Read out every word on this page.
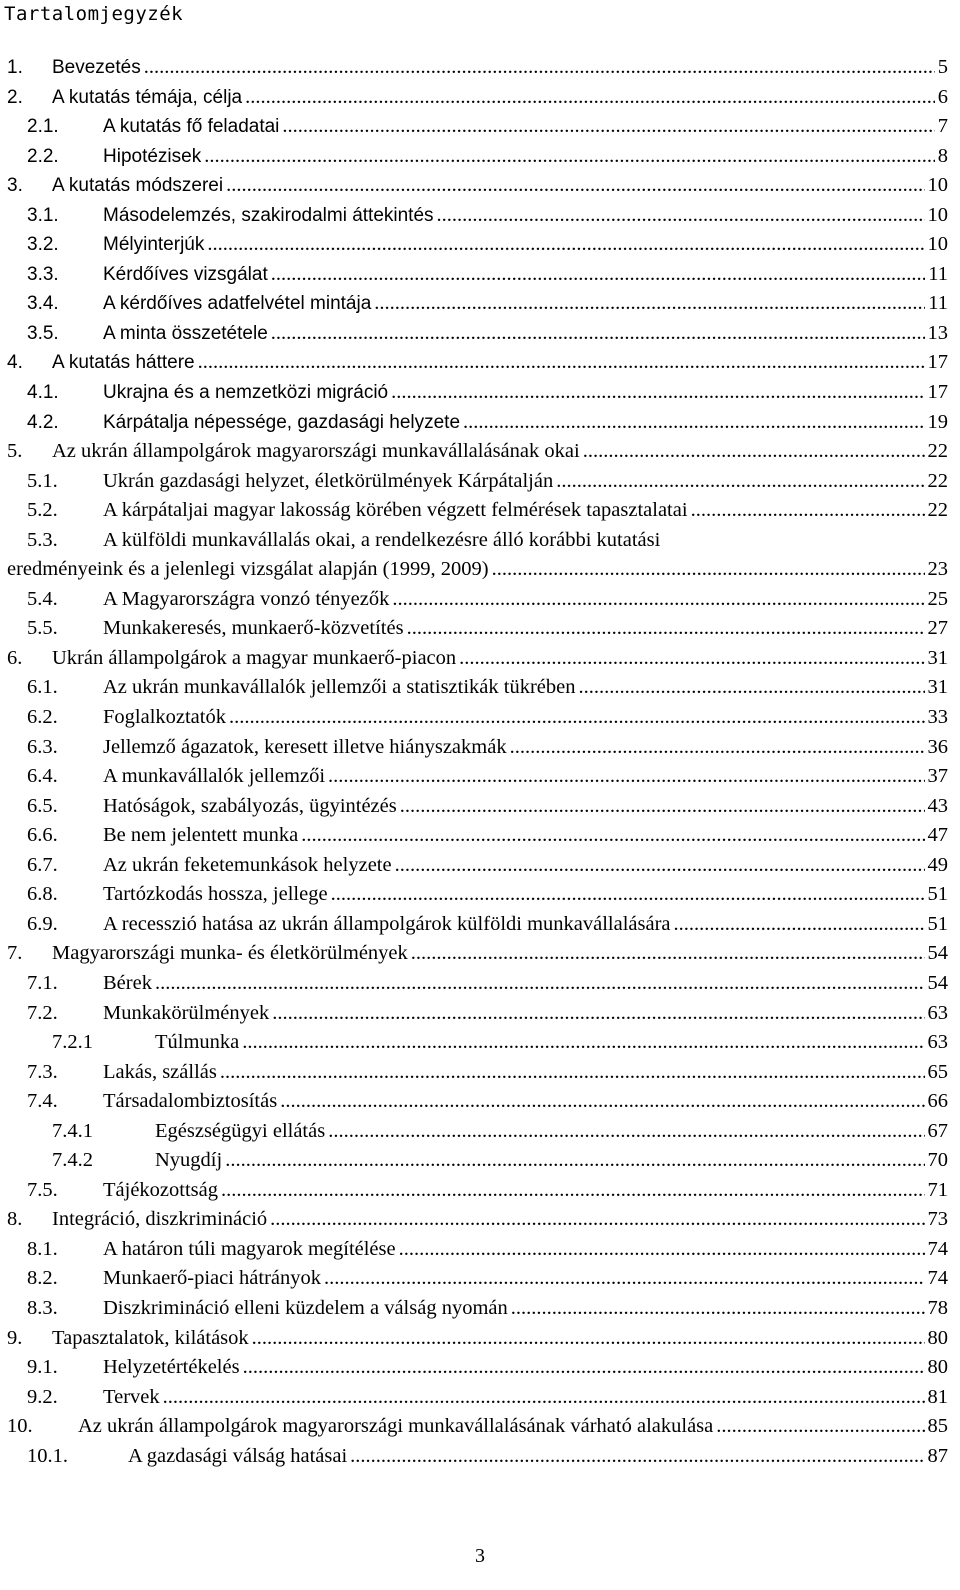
Tartalomjegyzék
1. Bevezetés .....	5
2. A kutatás témája, célja .....	6
2.1. A kutatás fő feladatai .....	7
2.2. Hipotézisek .....	8
3. A kutatás módszerei .....	10
3.1. Másodelemzés, szakirodalmi áttekintés .....	10
3.2. Mélyinterjúk .....	10
3.3. Kérdőíves vizsgálat .....	11
3.4. A kérdőíves adatfelvétel mintája .....	11
3.5. A minta összetétele .....	13
4. A kutatás háttere .....	17
4.1. Ukrajna és a nemzetközi migráció .....	17
4.2. Kárpátalja népessége, gazdasági helyzete .....	19
5. Az ukrán állampolgárok magyarországi munkavállalásának okai .....	22
5.1. Ukrán gazdasági helyzet, életkörülmények Kárpátalján .....	22
5.2. A kárpátaljai magyar lakosság körében végzett felmérések tapasztalatai .....	22
5.3. A külföldi munkavállalás okai, a rendelkezésre álló korábbi kutatási
eredményeink és a jelenlegi vizsgálat alapján (1999, 2009) .....	23
5.4. A Magyarországra vonzó tényezők .....	25
5.5. Munkakeresés, munkaerő-közvetítés .....	27
6. Ukrán állampolgárok a magyar munkaerő-piacon .....	31
6.1. Az ukrán munkavállalók jellemzői a statisztikák tükrében .....	31
6.2. Foglalkoztatók .....	33
6.3. Jellemző ágazatok, keresett illetve hiányszakmák .....	36
6.4. A munkavállalók jellemzői .....	37
6.5. Hatóságok, szabályozás, ügyintézés .....	43
6.6. Be nem jelentett munka .....	47
6.7. Az ukrán feketemunkások helyzete .....	49
6.8. Tartózkodás hossza, jellege .....	51
6.9. A recesszió hatása az ukrán állampolgárok külföldi munkavállalására .....	51
7. Magyarországi munka- és életkörülmények .....	54
7.1. Bérek .....	54
7.2. Munkakörülmények .....	63
7.2.1	Túlmunka .....	63
7.3. Lakás, szállás .....	65
7.4. Társadalombiztosítás .....	66
7.4.1	Egészségügyi ellátás .....	67
7.4.2	Nyugdíj .....	70
7.5. Tájékozottság .....	71
8. Integráció, diszkrimináció .....	73
8.1. A határon túli magyarok megítélése .....	74
8.2. Munkaerő-piaci hátrányok .....	74
8.3. Diszkrimináció elleni küzdelem a válság nyomán .....	78
9. Tapasztalatok, kilátások .....	80
9.1. Helyzetértékelés .....	80
9.2. Tervek .....	81
10. Az ukrán állampolgárok magyarországi munkavállalásának várható alakulása .....	85
10.1.	A gazdasági válság hatásai .....	87
3
